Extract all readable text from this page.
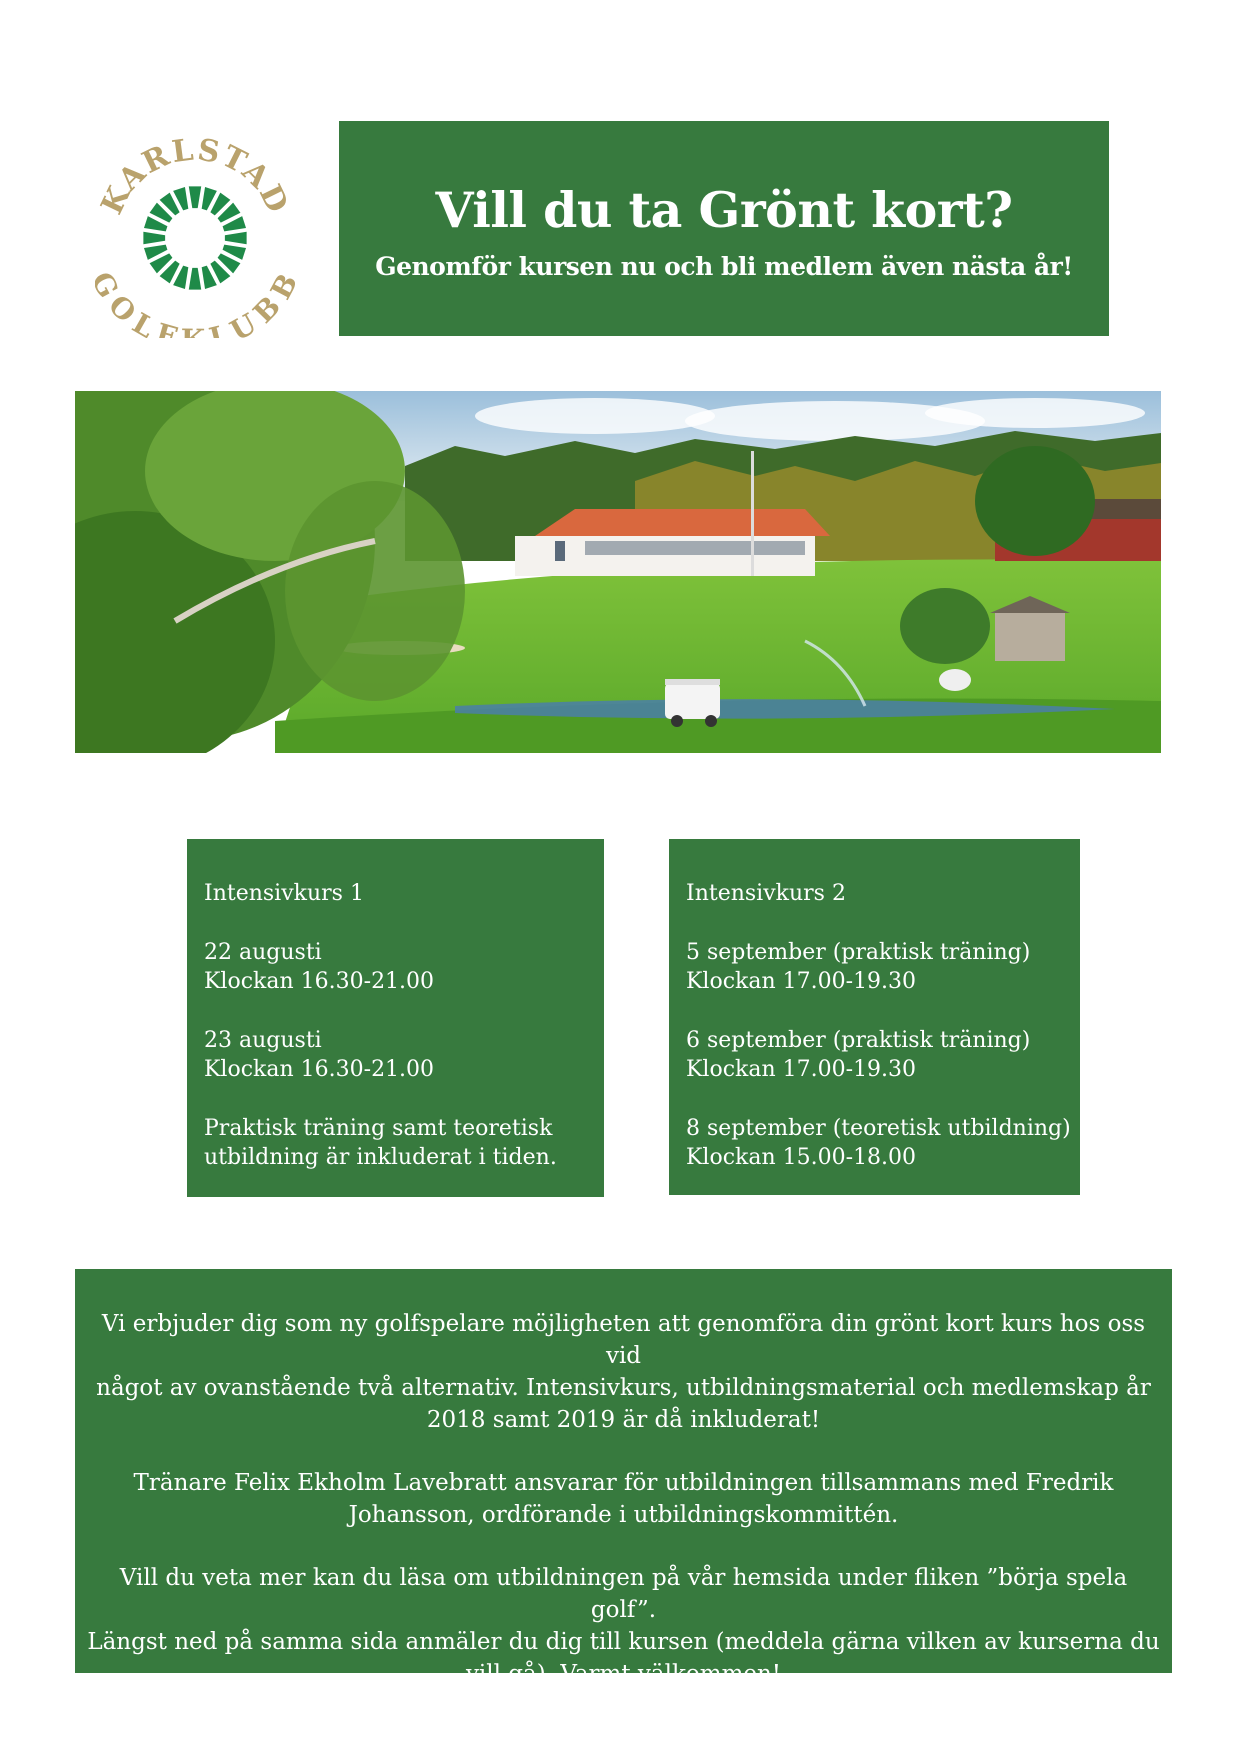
KARLSTAD
OLF LUB
Vill du ta Grönt kort?
Genomför kursen nu och bli medlem även nästa år!
Intensivkurs 1
22 augusti
Klockan 16.30-21.00
23 augusti
Klockan 16.30-21.00
Praktisk träning samt teoretisk
utbildning är inkluderat i tiden.
Intensivkurs 2
5 september (praktisk träning)
Klockan 17.00-19.30
6 september (praktisk träning)
Klockan 17.00-19.30
8 september (teoretisk utbildning)
Klockan 15.00-18.00

Vi erbjuder dig som ny golfspelare möjligheten att genomföra din grönt kort kurs hos oss vid
något av ovanstående två alternativ. Intensivkurs, utbildningsmaterial och medlemskap år
2018 samt 2019 är då inkluderat!

Tränare Felix Ekholm Lavebratt ansvarar för utbildningen tillsammans med Fredrik
Johansson, ordförande i utbildningskommittén.

Vill du veta mer kan du läsa om utbildningen på vår hemsida under fliken ”börja spela golf”.
Längst ned på samma sida anmäler du dig till kursen (meddela gärna vilken av kurserna du
vill gå). Varmt välkommen!
